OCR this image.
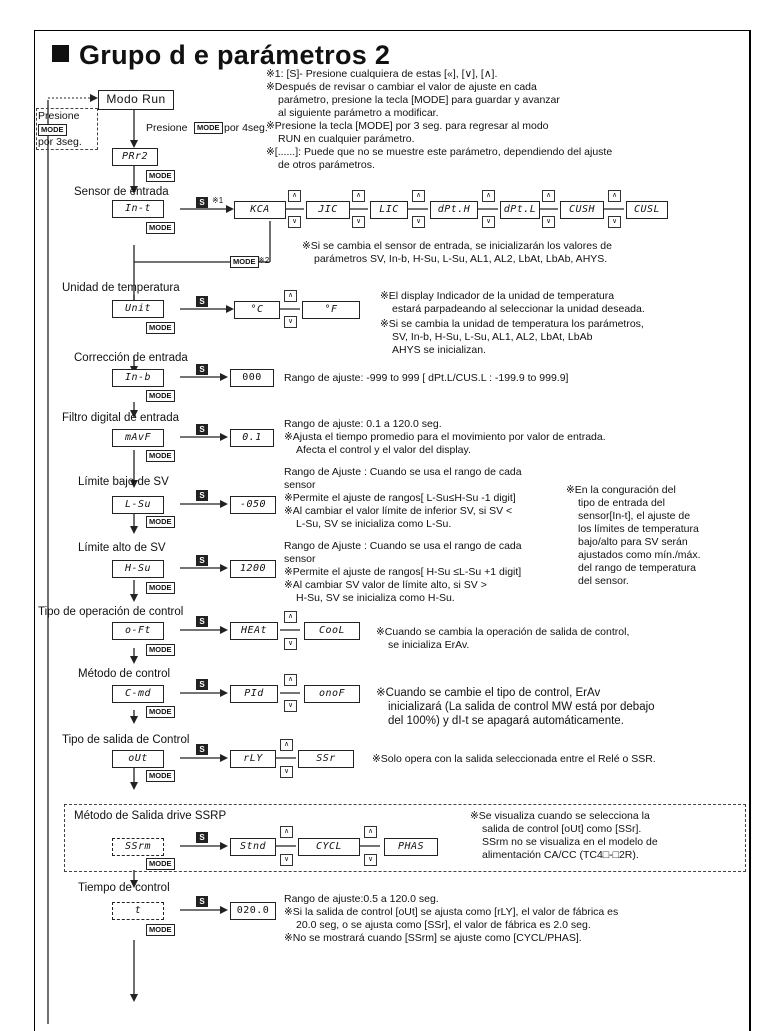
Grupo d e parámetros 2
※1: [S]- Presione cualquiera de estas [«], [∨], [∧].
※Después de revisar o cambiar el valor de ajuste en cada
parámetro, presione la tecla [MODE] para guardar y avanzar
al siguiente parámetro a modificar.
※Presione la tecla [MODE] por 3 seg. para regresar al modo
RUN en cualquier parámetro.
※[......]: Puede que no se muestre este parámetro, dependiendo del ajuste
de otros parámetros.
Modo Run
Presione
MODE
por 3seg.
Presione	MODE por 4seg.
PRr2
MODE
Sensor de entrada
In-t
MODE
S ※1
KCA	JIC	LIC	dPt.H	dPt.L	CUSH	CUSL
∧
∨
∧
∨
∧
∨
∧
∨
∧
∨
∧
∨
MODE ※2
※Si se cambia el sensor de entrada, se inicializarán los valores de
parámetros SV, In-b, H-Su, L-Su, AL1, AL2, LbAt, LbAb, AHYS.
Unidad de temperatura
Unit
MODE
S
°C	°F
∧
∨
※El display Indicador de la unidad de temperatura
estará parpadeando al seleccionar la unidad deseada.
※Si se cambia la unidad de temperatura los parámetros,
SV, In-b, H-Su, L-Su, AL1, AL2, LbAt, LbAb
AHYS se inicializan.
Corrección de entrada
In-b
MODE
S
000	Rango de ajuste: -999 to 999 [ dPt.L/CUS.L : -199.9 to 999.9]
Filtro digital de entrada
mAvF
MODE
S
0.1
Rango de ajuste: 0.1 a 120.0 seg.
※Ajusta el tiempo promedio para el movimiento por valor de entrada.
Afecta el control y el valor del display.
Límite bajo de SV
L-Su
MODE
S
-050
Rango de Ajuste : Cuando se usa el rango de cada
sensor
※Permite el ajuste de rangos[ L-Su≤H-Su -1 digit]
※Al cambiar el valor límite de inferior SV, si SV <
L-Su, SV se inicializa como L-Su.
Límite alto de SV
H-Su
MODE
S
1200
Rango de Ajuste : Cuando se usa el rango de cada
sensor
※Permite el ajuste de rangos[ H-Su ≤L-Su +1 digit]
※Al cambiar SV valor de límite alto, si SV >
H-Su, SV se inicializa como H-Su.
※En la conguración del
tipo de entrada del
sensor[In-t], el ajuste de
los límites de temperatura
bajo/alto para SV serán
ajustados como mín./máx.
del rango de temperatura
del sensor.
Tipo de operación de control
o-Ft
MODE
S
HEAt	CooL
∧
∨
※Cuando se cambia la operación de salida de control,
se inicializa ErAv.
Método de control
C-md
MODE
S
PId	onoF
∧
∨
※Cuando se cambie el tipo de control, ErAv
inicializará (La salida de control MW está por debajo
del 100%) y dI-t se apagará automáticamente.
Tipo de salida de Control
oUt
MODE
S
rLY	SSr
∧
∨
※Solo opera con la salida seleccionada entre el Relé o SSR.
Método de Salida drive SSRP
SSrm
MODE
S
Stnd	CYCL	PHAS
∧
∨
∧
∨
※Se visualiza cuando se selecciona la
salida de control [oUt] como [SSr].
SSrm no se visualiza en el modelo de
alimentación CA/CC (TC4□-□2R).
Tiempo de control
t
MODE
S
020.0
Rango de ajuste:0.5 a 120.0 seg.
※Si la salida de control [oUt] se ajusta como [rLY], el valor de fábrica es
20.0 seg, o se ajusta como [SSr], el valor de fábrica es 2.0 seg.
※No se mostrará cuando [SSrm] se ajuste como [CYCL/PHAS].
